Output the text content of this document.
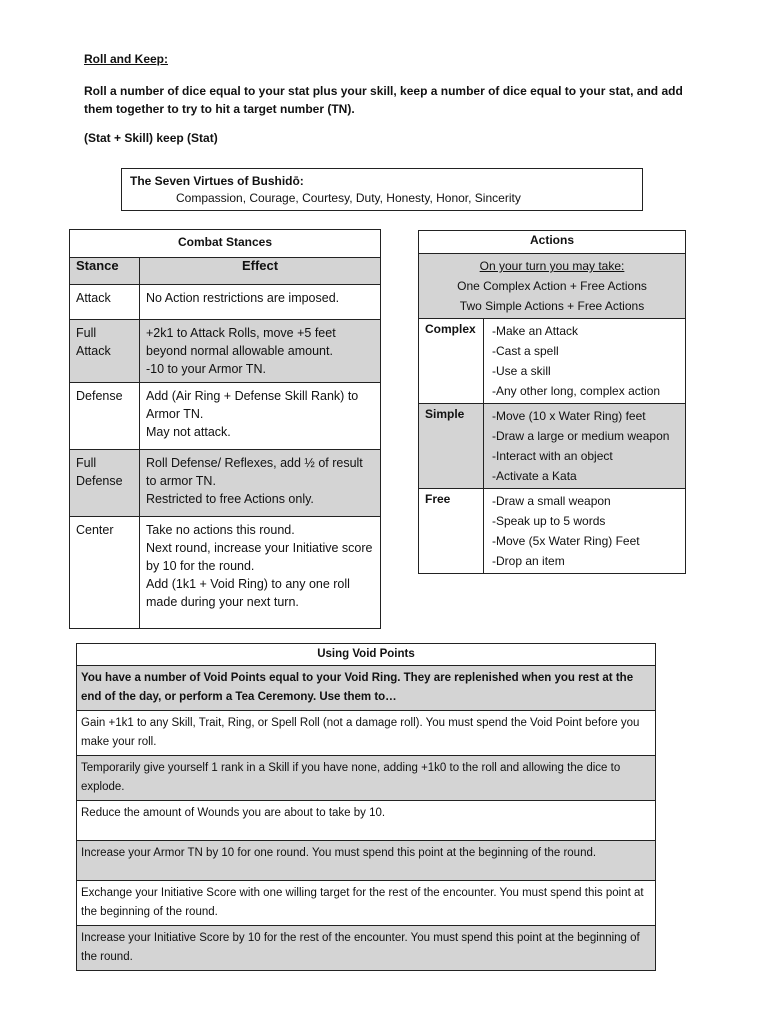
Roll and Keep:
Roll a number of dice equal to your stat plus your skill, keep a number of dice equal to your stat, and add them together to try to hit a target number (TN).
(Stat + Skill) keep (Stat)
The Seven Virtues of Bushidō:
Compassion, Courage, Courtesy, Duty, Honesty, Honor, Sincerity
Combat Stances	
Stance	Effect
Attack	No Action restrictions are imposed.

Full Attack	+2k1 to Attack Rolls, move +5 feet beyond normal allowable amount.
-10 to your Armor TN.

Defense	Add (Air Ring + Defense Skill Rank) to Armor TN.
May not attack.

Full Defense	Roll Defense/ Reflexes, add ½ of result to armor TN.
Restricted to free Actions only.

Center	Take no actions this round.
Next round, increase your Initiative score by 10 for the round.
Add (1k1 + Void Ring) to any one roll made during your next turn.
Actions	

On your turn you may take:
One Complex Action + Free Actions
Two Simple Actions + Free Actions	

Complex	-Make an Attack
-Cast a spell
-Use a skill
-Any other long, complex action

Simple	-Move (10 x Water Ring) feet
-Draw a large or medium weapon
-Interact with an object
-Activate a Kata

Free	-Draw a small weapon
-Speak up to 5 words
-Move (5x Water Ring) Feet
-Drop an item
Using Void Points
You have a number of Void Points equal to your Void Ring. They are replenished when you rest at the end of the day, or perform a Tea Ceremony. Use them to…
Gain +1k1 to any Skill, Trait, Ring, or Spell Roll (not a damage roll). You must spend the Void Point before you make your roll.
Temporarily give yourself 1 rank in a Skill if you have none, adding +1k0 to the roll and allowing the dice to explode.
Reduce the amount of Wounds you are about to take by 10.
Increase your Armor TN by 10 for one round. You must spend this point at the beginning of the round.
Exchange your Initiative Score with one willing target for the rest of the encounter. You must spend this point at the beginning of the round.
Increase your Initiative Score by 10 for the rest of the encounter. You must spend this point at the beginning of the round.
